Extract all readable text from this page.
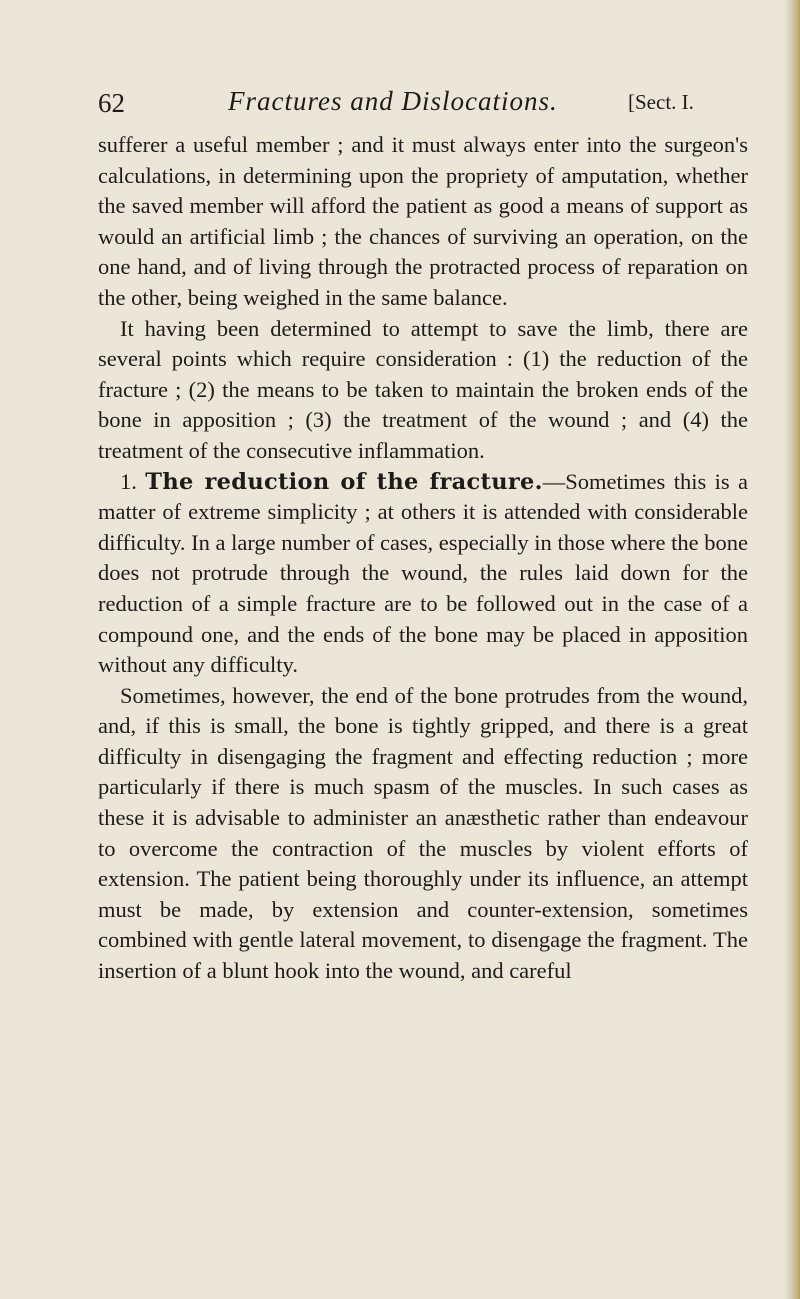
62	Fractures and Dislocations.	[Sect. I.

sufferer a useful member ; and it must always enter into the surgeon's calculations, in determining upon the propriety of amputation, whether the saved member will afford the patient as good a means of support as would an artificial limb ; the chances of surviving an operation, on the one hand, and of living through the protracted process of reparation on the other, being weighed in the same balance.

It having been determined to attempt to save the limb, there are several points which require consideration : (1) the reduction of the fracture ; (2) the means to be taken to maintain the broken ends of the bone in apposition ; (3) the treatment of the wound ; and (4) the treatment of the consecutive inflammation.

1. The reduction of the fracture.—Sometimes this is a matter of extreme simplicity ; at others it is attended with considerable difficulty. In a large number of cases, especially in those where the bone does not protrude through the wound, the rules laid down for the reduction of a simple fracture are to be followed out in the case of a compound one, and the ends of the bone may be placed in apposition without any difficulty.

Sometimes, however, the end of the bone protrudes from the wound, and, if this is small, the bone is tightly gripped, and there is a great difficulty in disengaging the fragment and effecting reduction ; more particularly if there is much spasm of the muscles. In such cases as these it is advisable to administer an anæsthetic rather than endeavour to overcome the contraction of the muscles by violent efforts of extension. The patient being thoroughly under its influence, an attempt must be made, by extension and counter-extension, sometimes combined with gentle lateral movement, to disengage the fragment. The insertion of a blunt hook into the wound, and careful
